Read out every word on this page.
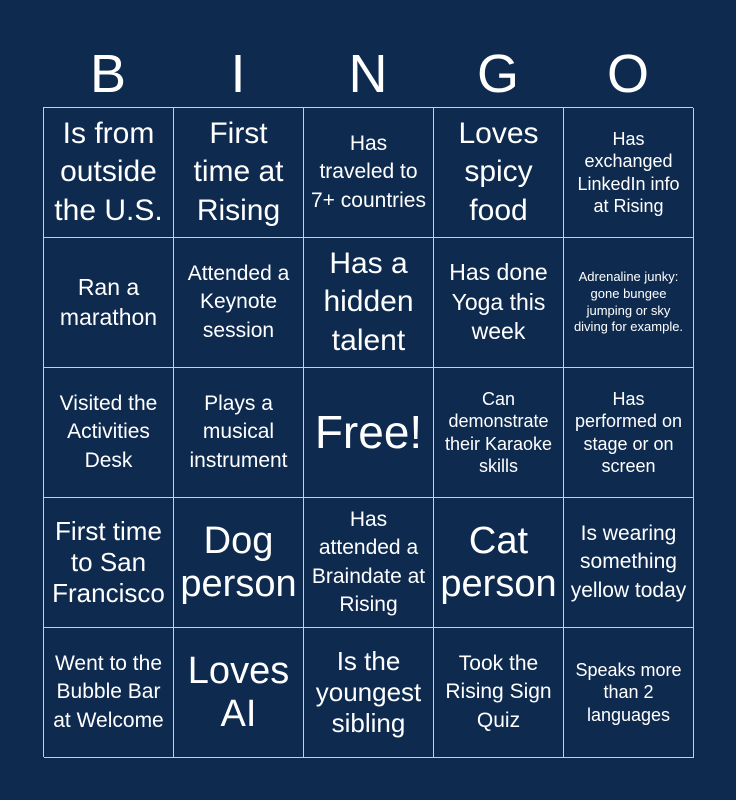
B	I	N	G	O
Is from outside the U.S.
First time at Rising
Has traveled to 7+ countries
Loves spicy food
Has exchanged LinkedIn info at Rising
Ran a marathon
Attended a Keynote session
Has a hidden talent
Has done Yoga this week
Adrenaline junky: gone bungee jumping or sky diving for example.
Visited the Activities Desk
Plays a musical instrument
Free!
Can demonstrate their Karaoke skills
Has performed on stage or on screen
First time to San Francisco
Dog person
Has attended a Braindate at Rising
Cat person
Is wearing something yellow today
Went to the Bubble Bar at Welcome
Loves AI
Is the youngest sibling
Took the Rising Sign Quiz
Speaks more than 2 languages
